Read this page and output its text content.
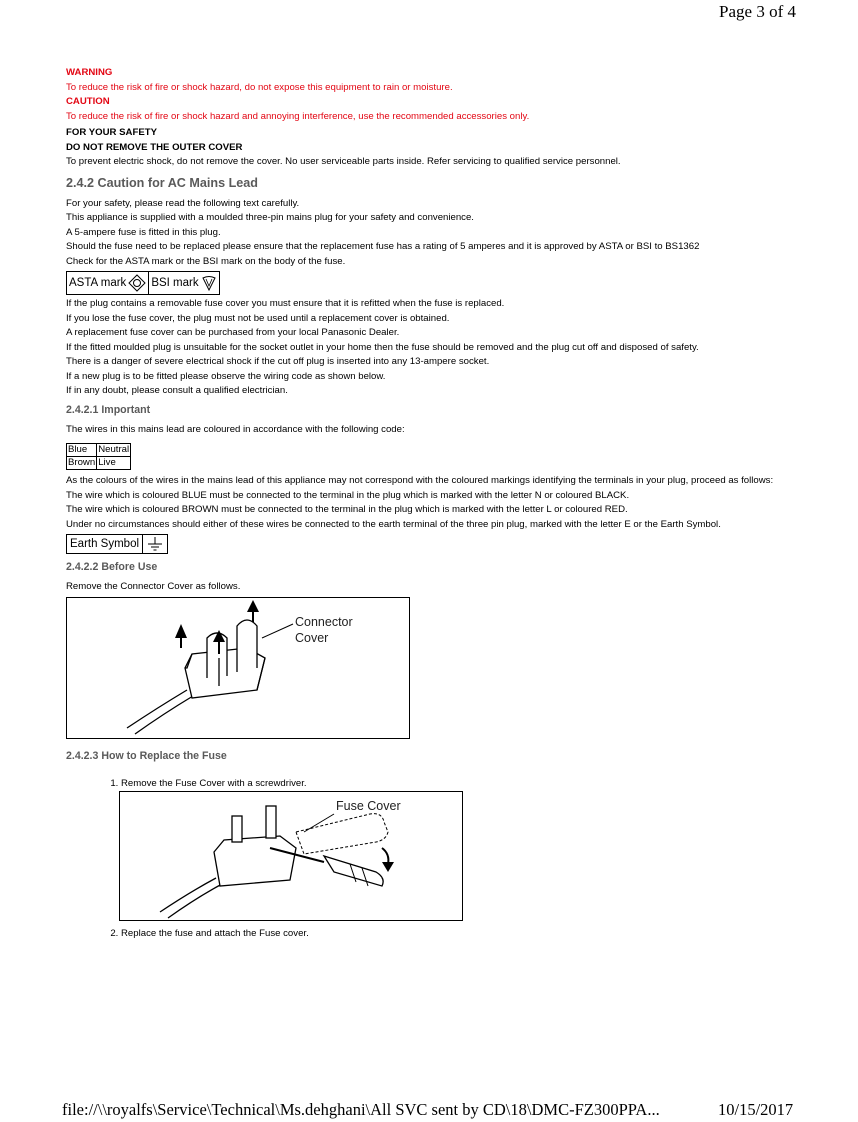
Page 3 of 4
WARNING
To reduce the risk of fire or shock hazard, do not expose this equipment to rain or moisture.
CAUTION
To reduce the risk of fire or shock hazard and annoying interference, use the recommended accessories only.
FOR YOUR SAFETY
DO NOT REMOVE THE OUTER COVER
To prevent electric shock, do not remove the cover. No user serviceable parts inside. Refer servicing to qualified service personnel.
2.4.2 Caution for AC Mains Lead
For your safety, please read the following text carefully.
This appliance is supplied with a moulded three-pin mains plug for your safety and convenience.
A 5-ampere fuse is fitted in this plug.
Should the fuse need to be replaced please ensure that the replacement fuse has a rating of 5 amperes and it is approved by ASTA or BSI to BS1362
Check for the ASTA mark or the BSI mark on the body of the fuse.
ASTA mark BSI mark
If the plug contains a removable fuse cover you must ensure that it is refitted when the fuse is replaced.
If you lose the fuse cover, the plug must not be used until a replacement cover is obtained.
A replacement fuse cover can be purchased from your local Panasonic Dealer.
If the fitted moulded plug is unsuitable for the socket outlet in your home then the fuse should be removed and the plug cut off and disposed of safety.
There is a danger of severe electrical shock if the cut off plug is inserted into any 13-ampere socket.
If a new plug is to be fitted please observe the wiring code as shown below.
If in any doubt, please consult a qualified electrician.
2.4.2.1 Important
The wires in this mains lead are coloured in accordance with the following code:
Blue	Neutral
Brown	Live
As the colours of the wires in the mains lead of this appliance may not correspond with the coloured markings identifying the terminals in your plug, proceed as follows:
The wire which is coloured BLUE must be connected to the terminal in the plug which is marked with the letter N or coloured BLACK.
The wire which is coloured BROWN must be connected to the terminal in the plug which is marked with the letter L or coloured RED.
Under no circumstances should either of these wires be connected to the earth terminal of the three pin plug, marked with the letter E or the Earth Symbol.
Earth Symbol
2.4.2.2 Before Use
Remove the Connector Cover as follows.
Connector
Cover
2.4.2.3 How to Replace the Fuse
1. Remove the Fuse Cover with a screwdriver.
Fuse Cover
2. Replace the fuse and attach the Fuse cover.
file://\\royalfs\Service\Technical\Ms.dehghani\All SVC sent by CD\18\DMC-FZ300PPA...	10/15/2017
